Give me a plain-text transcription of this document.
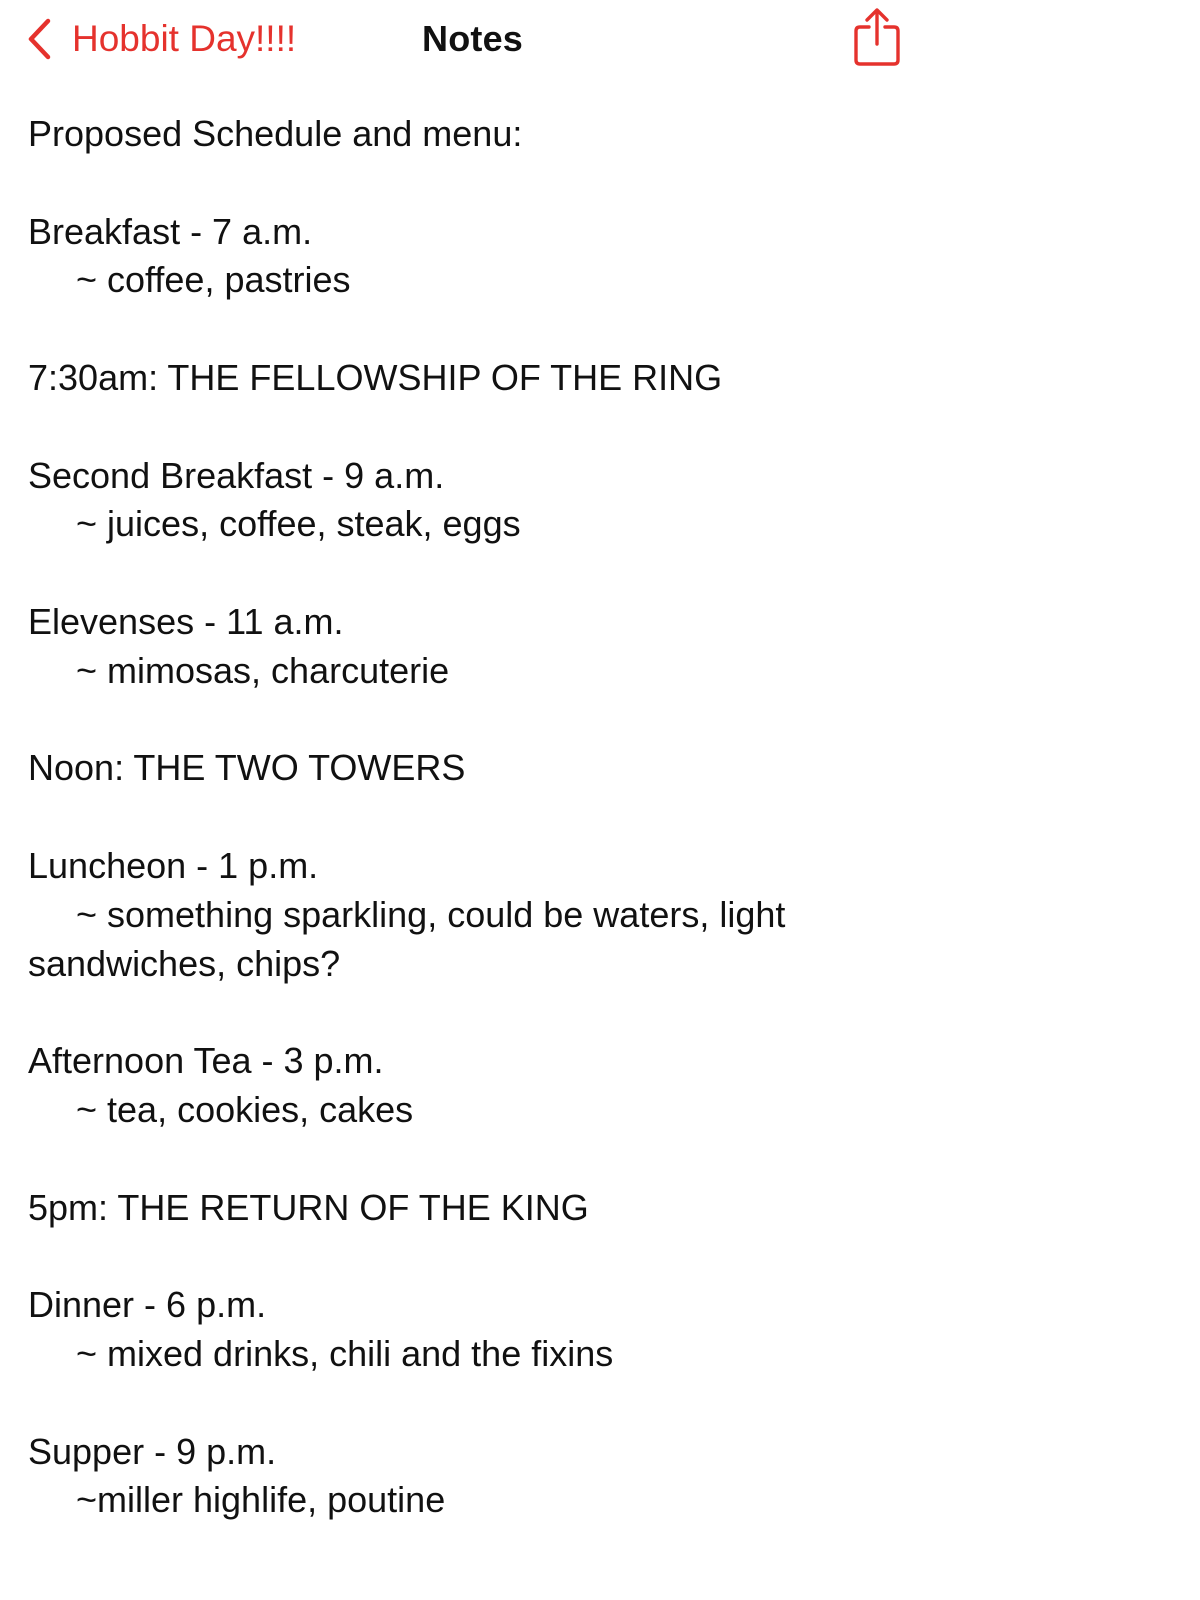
Hobbit Day!!!!	Notes
Proposed Schedule and menu:
Breakfast - 7 a.m.
~ coffee, pastries
7:30am: THE FELLOWSHIP OF THE RING
Second Breakfast - 9 a.m.
~ juices, coffee, steak, eggs
Elevenses - 11 a.m.
~ mimosas, charcuterie
Noon: THE TWO TOWERS
Luncheon - 1 p.m.
~ something sparkling, could be waters, light
sandwiches, chips?
Afternoon Tea - 3 p.m.
~ tea, cookies, cakes
5pm: THE RETURN OF THE KING
Dinner - 6 p.m.
~ mixed drinks, chili and the fixins
Supper - 9 p.m.
~miller highlife, poutine
